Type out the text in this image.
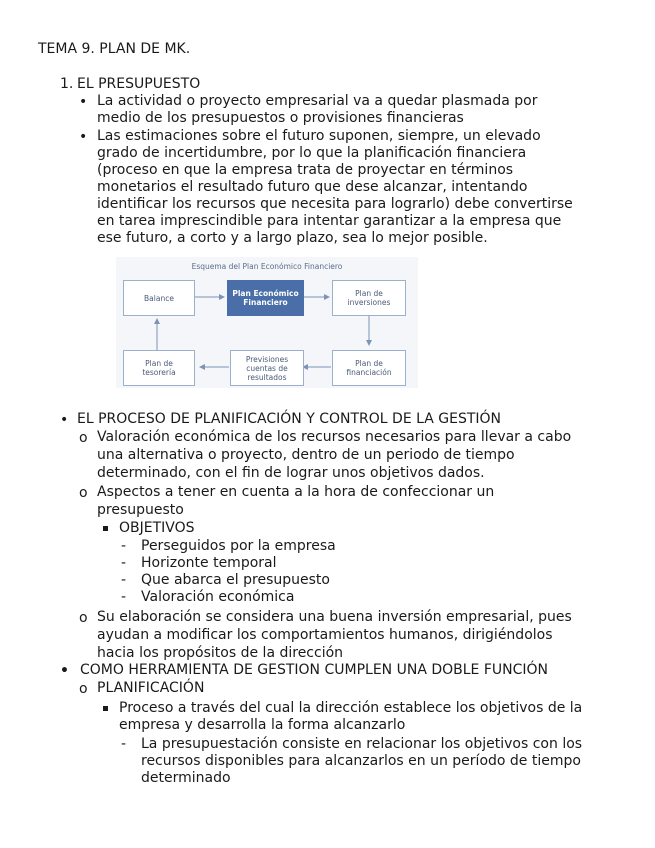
TEMA 9. PLAN DE MK.
1. EL PRESUPUESTO
• La actividad o proyecto empresarial va a quedar plasmada por
medio de los presupuestos o provisiones financieras
• Las estimaciones sobre el futuro suponen, siempre, un elevado
grado de incertidumbre, por lo que la planificación financiera
(proceso en que la empresa trata de proyectar en términos
monetarios el resultado futuro que dese alcanzar, intentando
identificar los recursos que necesita para lograrlo) debe convertirse
en tarea imprescindible para intentar garantizar a la empresa que
ese futuro, a corto y a largo plazo, sea lo mejor posible.
Esquema del Plan Económico Financiero
Balance	Plan Económico
Financiero
Plan de
inversiones
Plan de
tesorería
Previsiones
cuentas de
resultados
Plan de
financiación
• EL PROCESO DE PLANIFICACIÓN Y CONTROL DE LA GESTIÓN
o Valoración económica de los recursos necesarios para llevar a cabo
una alternativa o proyecto, dentro de un periodo de tiempo
determinado, con el fin de lograr unos objetivos dados.
o Aspectos a tener en cuenta a la hora de confeccionar un
presupuesto
OBJETIVOS
- Perseguidos por la empresa
- Horizonte temporal
- Que abarca el presupuesto
- Valoración económica
o Su elaboración se considera una buena inversión empresarial, pues
ayudan a modificar los comportamientos humanos, dirigiéndolos
hacia los propósitos de la dirección
• COMO HERRAMIENTA DE GESTION CUMPLEN UNA DOBLE FUNCIÓN
o PLANIFICACIÓN
Proceso a través del cual la dirección establece los objetivos de la
empresa y desarrolla la forma alcanzarlo
- La presupuestación consiste en relacionar los objetivos con los
recursos disponibles para alcanzarlos en un período de tiempo
determinado
